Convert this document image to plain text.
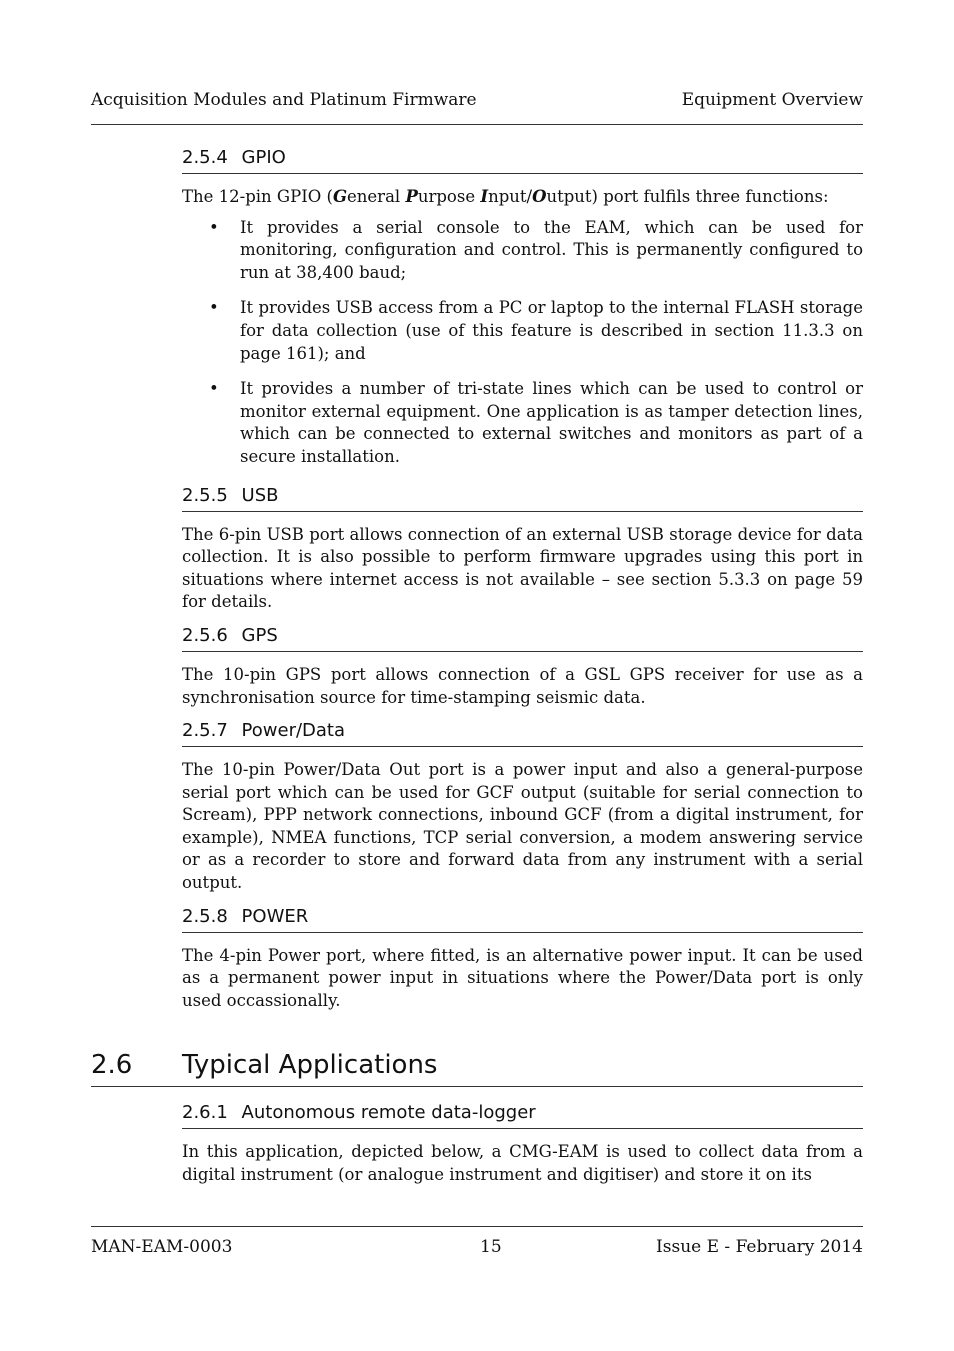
Acquisition Modules and Platinum Firmware	Equipment Overview
2.5.4 GPIO

The 12-pin GPIO (General Purpose Input/Output) port fulfils three functions:

• It provides a serial console to the EAM, which can be used for monitoring, configuration and control. This is permanently configured to run at 38,400 baud;
• It provides USB access from a PC or laptop to the internal FLASH storage for data collection (use of this feature is described in section 11.3.3 on page 161); and
• It provides a number of tri-state lines which can be used to control or monitor external equipment. One application is as tamper detection lines, which can be connected to external switches and monitors as part of a secure installation.
2.5.5 USB

The 6-pin USB port allows connection of an external USB storage device for data collection. It is also possible to perform firmware upgrades using this port in situations where internet access is not available – see section 5.3.3 on page 59 for details.

2.5.6 GPS

The 10-pin GPS port allows connection of a GSL GPS receiver for use as a synchronisation source for time-stamping seismic data.

2.5.7 Power/Data

The 10-pin Power/Data Out port is a power input and also a general-purpose serial port which can be used for GCF output (suitable for serial connection to Scream), PPP network connections, inbound GCF (from a digital instrument, for example), NMEA functions, TCP serial conversion, a modem answering service or as a recorder to store and forward data from any instrument with a serial output.

2.5.8 POWER

The 4-pin Power port, where fitted, is an alternative power input. It can be used as a permanent power input in situations where the Power/Data port is only used occassionally.

2.6 Typical Applications
2.6.1 Autonomous remote data-logger

In this application, depicted below, a CMG-EAM is used to collect data from a digital instrument (or analogue instrument and digitiser) and store it on its

MAN-EAM-0003	15	Issue E - February 2014
